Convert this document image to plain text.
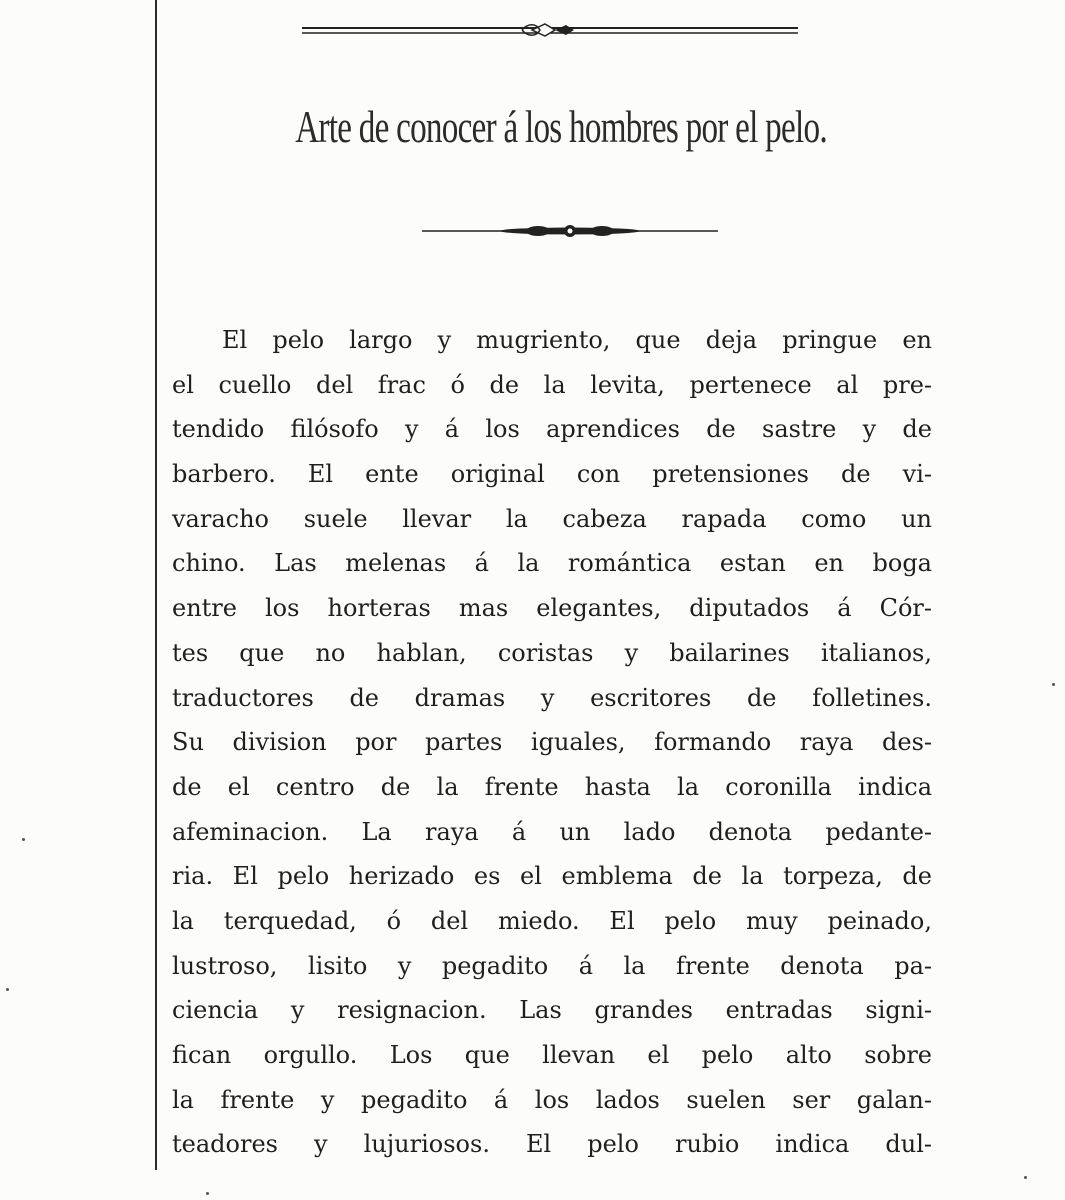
Arte de conocer á los hombres por el pelo.
El pelo largo y mugriento, que deja pringue en
el cuello del frac ó de la levita, pertenece al pre-
tendido filósofo y á los aprendices de sastre y de
barbero. El ente original con pretensiones de vi-
varacho suele llevar la cabeza rapada como un
chino. Las melenas á la romántica estan en boga
entre los horteras mas elegantes, diputados á Cór-
tes que no hablan, coristas y bailarines italianos,
traductores de dramas y escritores de folletines.
Su division por partes iguales, formando raya des-
de el centro de la frente hasta la coronilla indica
afeminacion. La raya á un lado denota pedante-
ria. El pelo herizado es el emblema de la torpeza, de
la terquedad, ó del miedo. El pelo muy peinado,
lustroso, lisito y pegadito á la frente denota pa-
ciencia y resignacion. Las grandes entradas signi-
fican orgullo. Los que llevan el pelo alto sobre
la frente y pegadito á los lados suelen ser galan-
teadores y lujuriosos. El pelo rubio indica dul-
